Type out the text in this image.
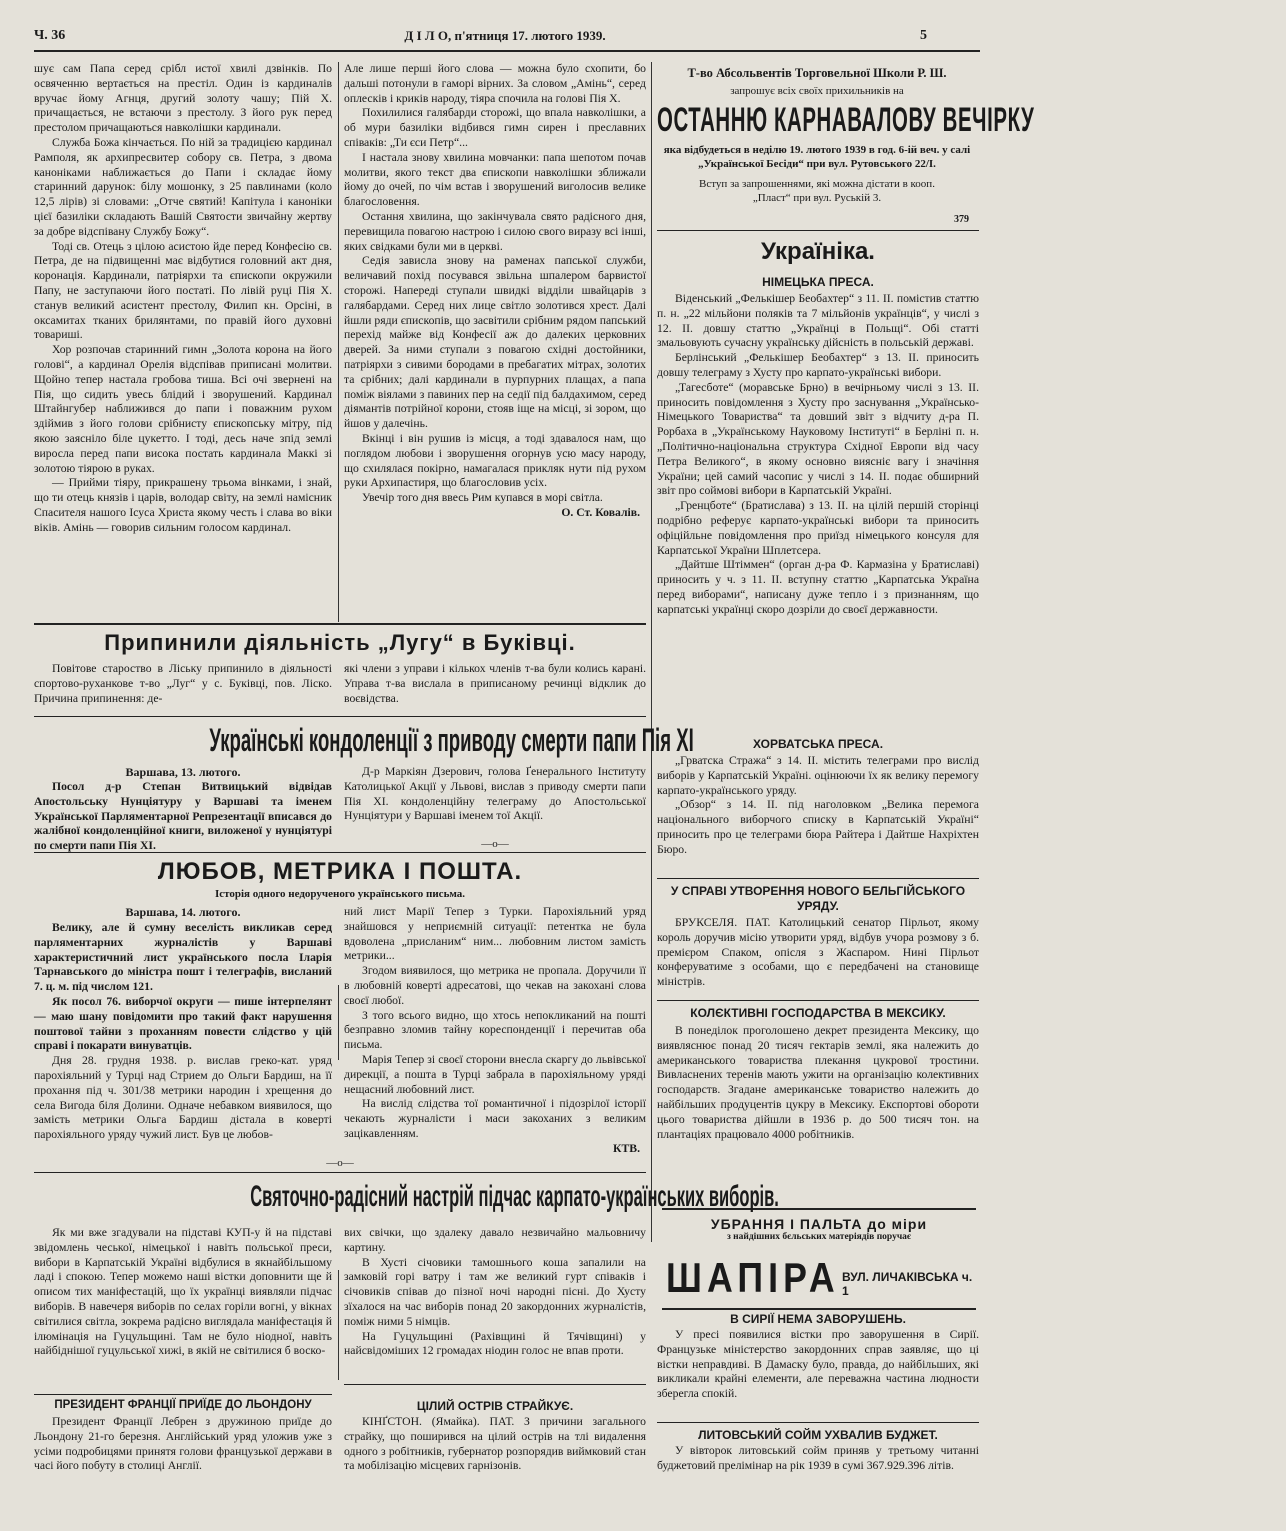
Ч. 36	Д І Л О, п'ятниця 17. лютого 1939.	5

шує сам Папа серед срібл истої хвилі дзвінків. По освяченню вертається на престіл. Один із кардиналів вручає йому Агнця, другий золоту чашу; Пій Х. причащається, не встаючи з престолу. З його рук перед престолом причащаються навколішки кардинали.

Служба Божа кінчається. По ній за традицією кардинал Рамполя, як архипресвитер собору св. Петра, з двома каноніками наближається до Папи і складає йому старинний дарунок: білу мошонку, з 25 павлинами (коло 12,5 лірів) зі словами: „Отче святий! Капітула і каноніки цієї базиліки складають Вашій Святости звичайну жертву за добре відспівану Службу Божу“.

Тоді св. Отець з цілою асистою йде перед Конфесію св. Петра, де на підвищенні має відбутися головний акт дня, коронація. Кардинали, патріярхи та єпископи окружили Папу, не заступаючи його постаті. По лівій руці Пія Х. станув великий асистент престолу, Филип кн. Орсіні, в оксамитах тканих брилянтами, по правій його духовні товариші.

Хор розпочав старинний гимн „Золота корона на його голові“, а кардинал Орелія відспівав приписані молитви. Щойно тепер настала гробова тиша. Всі очі звернені на Пія, що сидить увесь блідий і зворушений. Кардинал Штайнгубер наближився до папи і поважним рухом здіймив з його голови срібнисту єпископську мітру, під якою заясніло біле цукетто. І тоді, десь наче зпід землі виросла перед папи висока постать кардинала Маккі зі золотою тіярою в руках.

— Прийми тіяру, прикрашену трьома вінками, і знай, що ти отець князів і царів, володар світу, на землі намісник Спасителя нашого Ісуса Христа якому честь і слава во віки віків. Амінь — говорив сильним голосом кардинал.

Але лише перші його слова — можна було схопити, бо дальші потонули в гаморі вірних. За словом „Амінь“, серед оплесків і криків народу, тіяра спочила на голові Пія Х.

Похилилися галябарди сторожі, що впала навколішки, а об мури базиліки відбився гимн сирен і преславних співаків: „Ти єси Петр“...

І настала знову хвилина мовчанки: папа шепотом почав молитви, якого текст два єпископи навколішки зближали йому до очей, по чім встав і зворушений виголосив велике благословення.

Остання хвилина, що закінчувала свято радісного дня, перевищила повагою настрою і силою свого виразу всі інші, яких свідками були ми в церкві.

Седія зависла знову на раменах папської служби, величавий похід посувався звільна шпалером барвистої сторожі. Напереді ступали швидкі відділи швайцарів з галябардами. Серед них лице світло золотився хрест. Далі йшли ряди єпископів, що засвітили срібним рядом папський перехід майже від Конфесії аж до далеких церковних дверей. За ними ступали з повагою східні достойники, патріярхи з сивими бородами в пребагатих мітрах, золотих та срібних; далі кардинали в пурпурних плащах, а папа поміж віялами з павиних пер на седії під балдахимом, серед діямантів потрійної корони, стояв іще на місці, зі зором, що йшов у далечінь.

Вкінці і він рушив із місця, а тоді здавалося нам, що поглядом любови і зворушення огорнув усю масу народу, що схилялася покірно, намагалася прикляк нути під рухом руки Архипастиря, що благословив усіх.

Увечір того дня ввесь Рим купався в морі світла.

О. Ст. Ковалів.
Т-во Абсольвентів Торговельної Школи Р. Ш.
запрошує всіх своїх прихильників на
ОСТАННЮ КАРНАВАЛОВУ ВЕЧІРКУ
яка відбудеться в неділю 19. лютого 1939 в год. 6-ій веч. у салі „Української Бесіди“ при вул. Рутовського 22/І.
Вступ за запрошеннями, які можна дістати в кооп. „Пласт“ при вул. Руській 3.
379
Україніка.
НІМЕЦЬКА ПРЕСА.

Віденський „Фелькішер Беобахтер“ з 11. ІІ. помістив статтю п. н. „22 мільйони поляків та 7 мільйонів українців“, у числі з 12. ІІ. довшу статтю „Українці в Польщі“. Обі статті змальовують сучасну українську дійсність в польській державі.

Берлінський „Фелькішер Беобахтер“ з 13. ІІ. приносить довшу телеграму з Хусту про карпато-українські вибори.

„Тагесботе“ (моравське Брно) в вечірньому числі з 13. ІІ. приносить повідомлення з Хусту про заснування „Українсько-Німецького Товариства“ та довший звіт з відчиту д-ра П. Рорбаха в „Українському Науковому Інституті“ в Берліні п. н. „Політично-національна структура Східної Европи від часу Петра Великого“, в якому основно виясніє вагу і значіння України; цей самий часопис у числі з 14. ІІ. подає обширний звіт про соймові вибори в Карпатській Україні.

„Гренцботе“ (Братислава) з 13. ІІ. на цілій першій сторінці подрібно реферує карпато-українські вибори та приносить офіційльне повідомлення про приїзд німецького консуля для Карпатської України Шплетсера.

„Дайтше Штіммен“ (орган д-ра Ф. Кармазіна у Братиславі) приносить у ч. з 11. ІІ. вступну статтю „Карпатська Україна перед виборами“, написану дуже тепло і з признанням, що карпатські українці скоро дозріли до своєї державности.

ХОРВАТСЬКА ПРЕСА.

„Грватска Стража“ з 14. ІІ. містить телеграми про вислід виборів у Карпатській Україні. оцінюючи їх як велику перемогу карпато-українського уряду.

„Обзор“ з 14. ІІ. під наголовком „Велика перемога національного виборчого списку в Карпатській Україні“ приносить про це телеграми бюра Райтера і Дайтше Нахріхтен Бюро.

У СПРАВІ УТВОРЕННЯ НОВОГО БЕЛЬГІЙСЬКОГО УРЯДУ.

БРУКСЕЛЯ. ПАТ. Католицький сенатор Пірльот, якому король доручив місію утворити уряд, відбув учора розмову з б. премієром Спаком, опісля з Жаспаром. Нині Пірльот конферуватиме з особами, що є передбачені на становище міністрів.

КОЛЄКТИВНІ ГОСПОДАРСТВА В МЕКСИКУ.

В понеділок проголошено декрет президента Мексику, що виявляснює понад 20 тисяч гектарів землі, яка належить до американського товариства плекання цукрової тростини. Вивласнених теренів мають ужити на організацію колективних господарств. Згадане американське товариство належить до найбільших продуцентів цукру в Мексику. Експортові обороти цього товариства дійшли в 1936 р. до 500 тисяч тон. на плантаціях працювало 4000 робітників.

УБРАННЯ І ПАЛЬТА до міри
з найдішних бєльських матеріядів поручає
ШАПІРА ВУЛ. ЛИЧАКІВСЬКА ч. 1
В СИРІЇ НЕМА ЗАВОРУШЕНЬ.

У пресі появилися вістки про заворушення в Сирії. Французьке міністерство закордонних справ заявляє, що ці вістки неправдиві. В Дамаску було, правда, до найбільших, які викликали крайні елементи, але переважна частина людности зберегла спокій.

ЛИТОВСЬКИЙ СОЙМ УХВАЛИВ БУДЖЕТ.

У вівторок литовський сойм приняв у третьому читанні буджетовий прелімінар на рік 1939 в сумі 367.929.396 літів.

Припинили діяльність „Лугу“ в Буківці.

Повітове староство в Ліську припинило в діяльності спортово-руханкове т-во „Луг“ у с. Буківці, пов. Ліско. Причина припинення: де-

які члени з управи і кількох членів т-ва були колись карані. Управа т-ва вислала в приписаному речинці відклик до воєвідства.

Українські кондоленції з приводу смерти папи Пія XI
Варшава, 13. лютого.

Посол д-р Степан Витвицький відвідав Апостольську Нунціятуру у Варшаві та іменем Української Парляментарної Репрезентації вписався до жалібної кондоленційної книги, виложеної у нунціятурі по смерти папи Пія ХІ.

Д-р Маркіян Дзерович, голова Ґенерального Інституту Католицької Акції у Львові, вислав з приводу смерти папи Пія ХІ. кондоленційну телеграму до Апостольської Нунціятури у Варшаві іменем тої Акції.

—o—
ЛЮБОВ, МЕТРИКА І ПОШТА.
Історія одного недорученого українського письма.
Варшава, 14. лютого.

Велику, але й сумну веселість викликав серед парляментарних журналістів у Варшаві характеристичний лист українського посла Іларія Тарнавського до міністра пошт і телеграфів, висланий 7. ц. м. під числом 121.

Як посол 76. виборчої округи — пише інтерпелянт — маю шану повідомити про такий факт нарушення поштової тайни з проханням повести слідство у цій справі і покарати винуватців.

Дня 28. грудня 1938. р. вислав греко-кат. уряд парохіяльний у Турці над Стрием до Ольги Бардиш, на її прохання під ч. 301/38 метрики народин і хрещення до села Вигода біля Долини. Одначе небавком виявилося, що замість метрики Ольга Бардиш дістала в коверті парохіяльного уряду чужий лист. Був це любов-

ний лист Марії Тепер з Турки. Парохіяльний уряд знайшовся у неприємній ситуації: петентка не була вдоволена „присланим“ ним... любовним листом замість метрики...

Згодом виявилося, що метрика не пропала. Доручили її в любовній коверті адресатові, що чекав на закохані слова своєї любої.

З того всього видно, що хтось непокликаний на пошті безправно зломив тайну кореспонденції і перечитав оба письма.

Марія Тепер зі своєї сторони внесла скаргу до львівської дирекції, а пошта в Турці забрала в парохіяльному уряді нещасний любовний лист.

На вислід слідства тої романтичної і підозрілої історії чекають журналісти і маси закоханих з великим зацікавленням.

КТВ.
—o—
Святочно-радісний настрій підчас карпато-українських виборів.

Як ми вже згадували на підставі КУП-у й на підставі звідомлень чеської, німецької і навіть польської преси, вибори в Карпатській Україні відбулися в якнайбільшому ладі і спокою. Тепер можемо наші вістки доповнити ще й описом тих маніфестацій, що їх українці виявляли підчас виборів. В навечеря виборів по селах горіли вогні, у вікнах світилися світла, зокрема радісно виглядала маніфестація й ілюмінація на Гуцульщині. Там не було ніодної, навіть найбіднішої гуцульської хижі, в якій не світилися б воско-

вих свічки, що здалеку давало незвичайно мальовничу картину.

В Хусті січовики тамошнього коша запалили на замковій горі ватру і там же великий гурт співаків і січовиків співав до пізної ночі народні пісні. До Хусту зїхалося на час виборів понад 20 закордонних журналістів, поміж ними 5 німців.

На Гуцульщині (Рахівщині й Тячівщині) у найсвідоміших 12 громадах ніодин голос не впав проти.

ПРЕЗИДЕНТ ФРАНЦІЇ ПРИЇДЕ ДО ЛЬОНДОНУ

Президент Франції Лебрен з дружиною приїде до Льондону 21-го березня. Англійський уряд уложив уже з усіми подробицями принятя голови французької держави в часі його побуту в столиці Англії.

ЦІЛИЙ ОСТРІВ СТРАЙКУЄ.

КІНҐСТОН. (Ямайка). ПАТ. З причини загального страйку, що поширився на цілий острів на тлі видалення одного з робітників, губернатор розпорядив виймковий стан та мобілізацію місцевих гарнізонів.
